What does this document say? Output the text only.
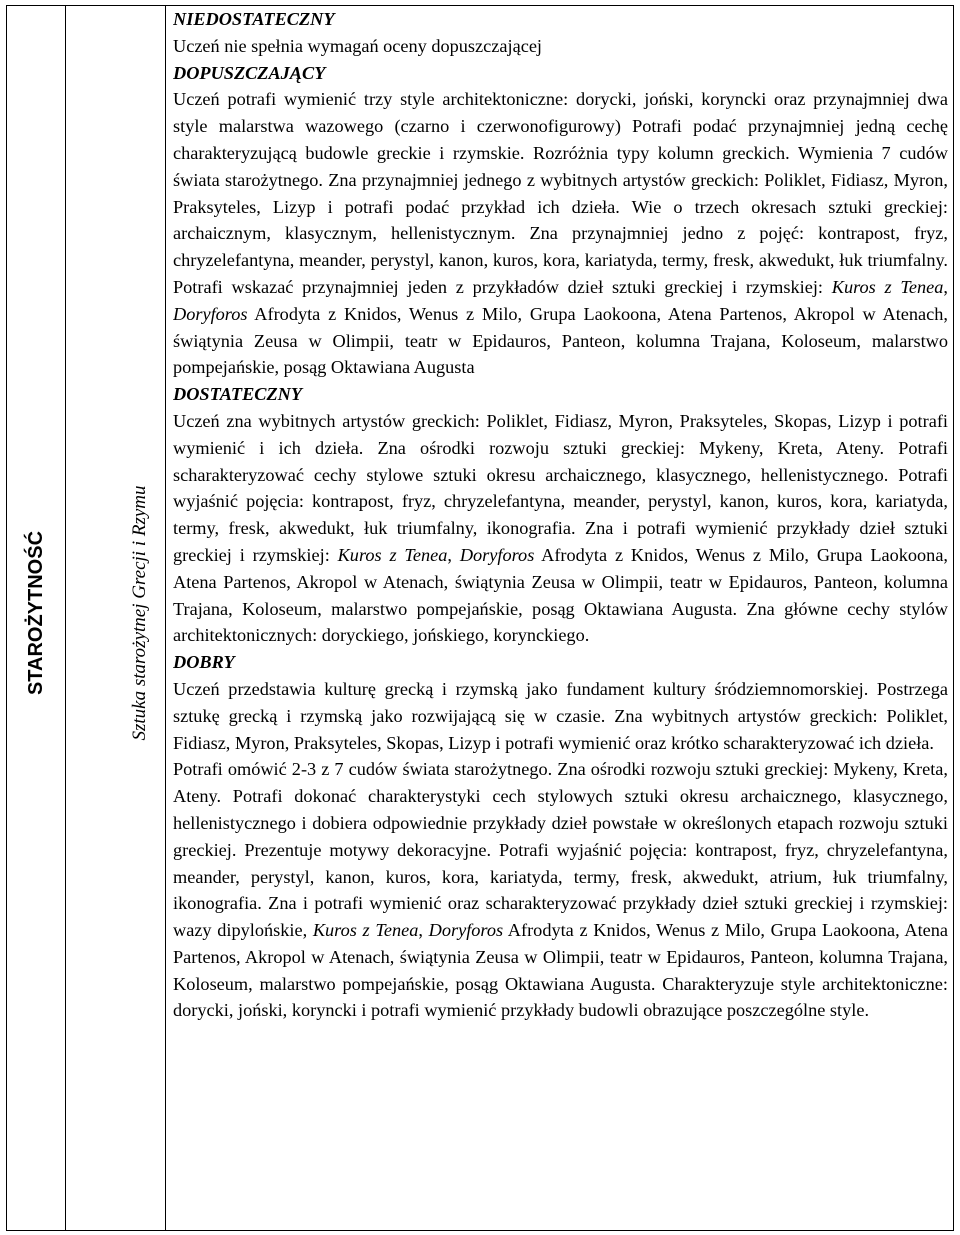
STAROŻYTNOŚĆ	Sztuka starożytnej Grecji i Rzymu

NIEDOSTATECZNY

Uczeń nie spełnia wymagań oceny dopuszczającej

DOPUSZCZAJĄCY

Uczeń potrafi wymienić trzy style architektoniczne: dorycki, joński, koryncki oraz przynajmniej dwa style malarstwa wazowego (czarno i czerwonofigurowy) Potrafi podać przynajmniej jedną cechę charakteryzującą budowle greckie i rzymskie. Rozróżnia typy kolumn greckich. Wymienia 7 cudów świata starożytnego. Zna przynajmniej jednego z wybitnych artystów greckich: Poliklet, Fidiasz, Myron, Praksyteles, Lizyp i potrafi podać przykład ich dzieła. Wie o trzech okresach sztuki greckiej: archaicznym, klasycznym, hellenistycznym. Zna przynajmniej jedno z pojęć: kontrapost, fryz, chryzelefantyna, meander, perystyl, kanon, kuros, kora, kariatyda, termy, fresk, akwedukt, łuk triumfalny. Potrafi wskazać przynajmniej jeden z przykładów dzieł sztuki greckiej i rzymskiej: Kuros z Tenea, Doryforos Afrodyta z Knidos, Wenus z Milo, Grupa Laokoona, Atena Partenos, Akropol w Atenach, świątynia Zeusa w Olimpii, teatr w Epidauros, Panteon, kolumna Trajana, Koloseum, malarstwo pompejańskie, posąg Oktawiana Augusta

DOSTATECZNY

Uczeń zna wybitnych artystów greckich: Poliklet, Fidiasz, Myron, Praksyteles, Skopas, Lizyp i potrafi wymienić i ich dzieła. Zna ośrodki rozwoju sztuki greckiej: Mykeny, Kreta, Ateny. Potrafi scharakteryzować cechy stylowe sztuki okresu archaicznego, klasycznego, hellenistycznego. Potrafi wyjaśnić pojęcia: kontrapost, fryz, chryzelefantyna, meander, perystyl, kanon, kuros, kora, kariatyda, termy, fresk, akwedukt, łuk triumfalny, ikonografia. Zna i potrafi wymienić przykłady dzieł sztuki greckiej i rzymskiej: Kuros z Tenea, Doryforos Afrodyta z Knidos, Wenus z Milo, Grupa Laokoona, Atena Partenos, Akropol w Atenach, świątynia Zeusa w Olimpii, teatr w Epidauros, Panteon, kolumna Trajana, Koloseum, malarstwo pompejańskie, posąg Oktawiana Augusta. Zna główne cechy stylów architektonicznych: doryckiego, jońskiego, korynckiego.

DOBRY

Uczeń przedstawia kulturę grecką i rzymską jako fundament kultury śródziemnomorskiej. Postrzega sztukę grecką i rzymską jako rozwijającą się w czasie. Zna wybitnych artystów greckich: Poliklet, Fidiasz, Myron, Praksyteles, Skopas, Lizyp i potrafi wymienić oraz krótko scharakteryzować ich dzieła.

Potrafi omówić 2-3 z 7 cudów świata starożytnego. Zna ośrodki rozwoju sztuki greckiej: Mykeny, Kreta, Ateny. Potrafi dokonać charakterystyki cech stylowych sztuki okresu archaicznego, klasycznego, hellenistycznego i dobiera odpowiednie przykłady dzieł powstałe w określonych etapach rozwoju sztuki greckiej. Prezentuje motywy dekoracyjne. Potrafi wyjaśnić pojęcia: kontrapost, fryz, chryzelefantyna, meander, perystyl, kanon, kuros, kora, kariatyda, termy, fresk, akwedukt, atrium, łuk triumfalny, ikonografia. Zna i potrafi wymienić oraz scharakteryzować przykłady dzieł sztuki greckiej i rzymskiej: wazy dipylońskie, Kuros z Tenea, Doryforos Afrodyta z Knidos, Wenus z Milo, Grupa Laokoona, Atena Partenos, Akropol w Atenach, świątynia Zeusa w Olimpii, teatr w Epidauros, Panteon, kolumna Trajana, Koloseum, malarstwo pompejańskie, posąg Oktawiana Augusta. Charakteryzuje style architektoniczne: dorycki, joński, koryncki i potrafi wymienić przykłady budowli obrazujące poszczególne style.
